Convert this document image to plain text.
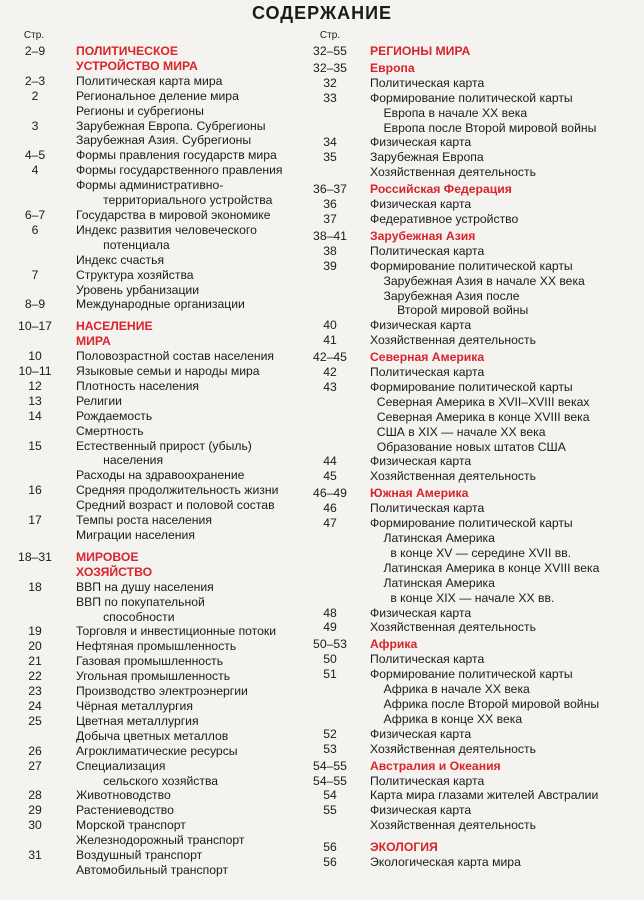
СОДЕРЖАНИЕ
Стр.
2–9	ПОЛИТИЧЕСКОЕ
УСТРОЙСТВО МИРА
2–3	Политическая карта мира
2	Региональное деление мира
Регионы и субрегионы
3	Зарубежная Европа. Субрегионы
Зарубежная Азия. Субрегионы
4–5	Формы правления государств мира
4	Формы государственного правления
Формы административно-
территориального устройства
6–7	Государства в мировой экономике
6	Индекс развития человеческого
потенциала
Индекс счастья
7	Структура хозяйства
Уровень урбанизации
8–9	Международные организации
10–17	НАСЕЛЕНИЕ
МИРА
10	Половозрастной состав населения
10–11	Языковые семьи и народы мира
12	Плотность населения
13	Религии
14	Рождаемость
Смертность
15	Естественный прирост (убыль)
населения
Расходы на здравоохранение
16	Средняя продолжительность жизни
Средний возраст и половой состав
17	Темпы роста населения
Миграции населения
18–31	МИРОВОЕ
ХОЗЯЙСТВО
18	ВВП на душу населения
ВВП по покупательной
способности
19	Торговля и инвестиционные потоки
20	Нефтяная промышленность
21	Газовая промышленность
22	Угольная промышленность
23	Производство электроэнергии
24	Чёрная металлургия
25	Цветная металлургия
Добыча цветных металлов
26	Агроклиматические ресурсы
27	Специализация
сельского хозяйства
28	Животноводство
29	Растениеводство
30	Морской транспорт
Железнодорожный транспорт
31	Воздушный транспорт
Автомобильный транспорт
Стр.
32–55	РЕГИОНЫ МИРА
32–35	Европа
32	Политическая карта
33	Формирование политической карты
Европа в начале XX века
Европа после Второй мировой войны
34	Физическая карта
35	Зарубежная Европа
Хозяйственная деятельность
36–37	Российская Федерация
36	Физическая карта
37	Федеративное устройство
38–41	Зарубежная Азия
38	Политическая карта
39	Формирование политической карты
Зарубежная Азия в начале XX века
Зарубежная Азия после
Второй мировой войны
40	Физическая карта
41	Хозяйственная деятельность
42–45	Северная Америка
42	Политическая карта
43	Формирование политической карты
Северная Америка в XVII–XVIII веках
Северная Америка в конце XVIII века
США в XIX — начале XX века
Образование новых штатов США
44	Физическая карта
45	Хозяйственная деятельность
46–49	Южная Америка
46	Политическая карта
47	Формирование политической карты
Латинская Америка
в конце XV — середине XVII вв.
Латинская Америка в конце XVIII века
Латинская Америка
в конце XIX — начале XX вв.
48	Физическая карта
49	Хозяйственная деятельность
50–53	Африка
50	Политическая карта
51	Формирование политической карты
Африка в начале XX века
Африка после Второй мировой войны
Африка в конце XX века
52	Физическая карта
53	Хозяйственная деятельность
54–55	Австралия и Океания
54–55	Политическая карта
54	Карта мира глазами жителей Австралии
55	Физическая карта
Хозяйственная деятельность
56	ЭКОЛОГИЯ
56	Экологическая карта мира
